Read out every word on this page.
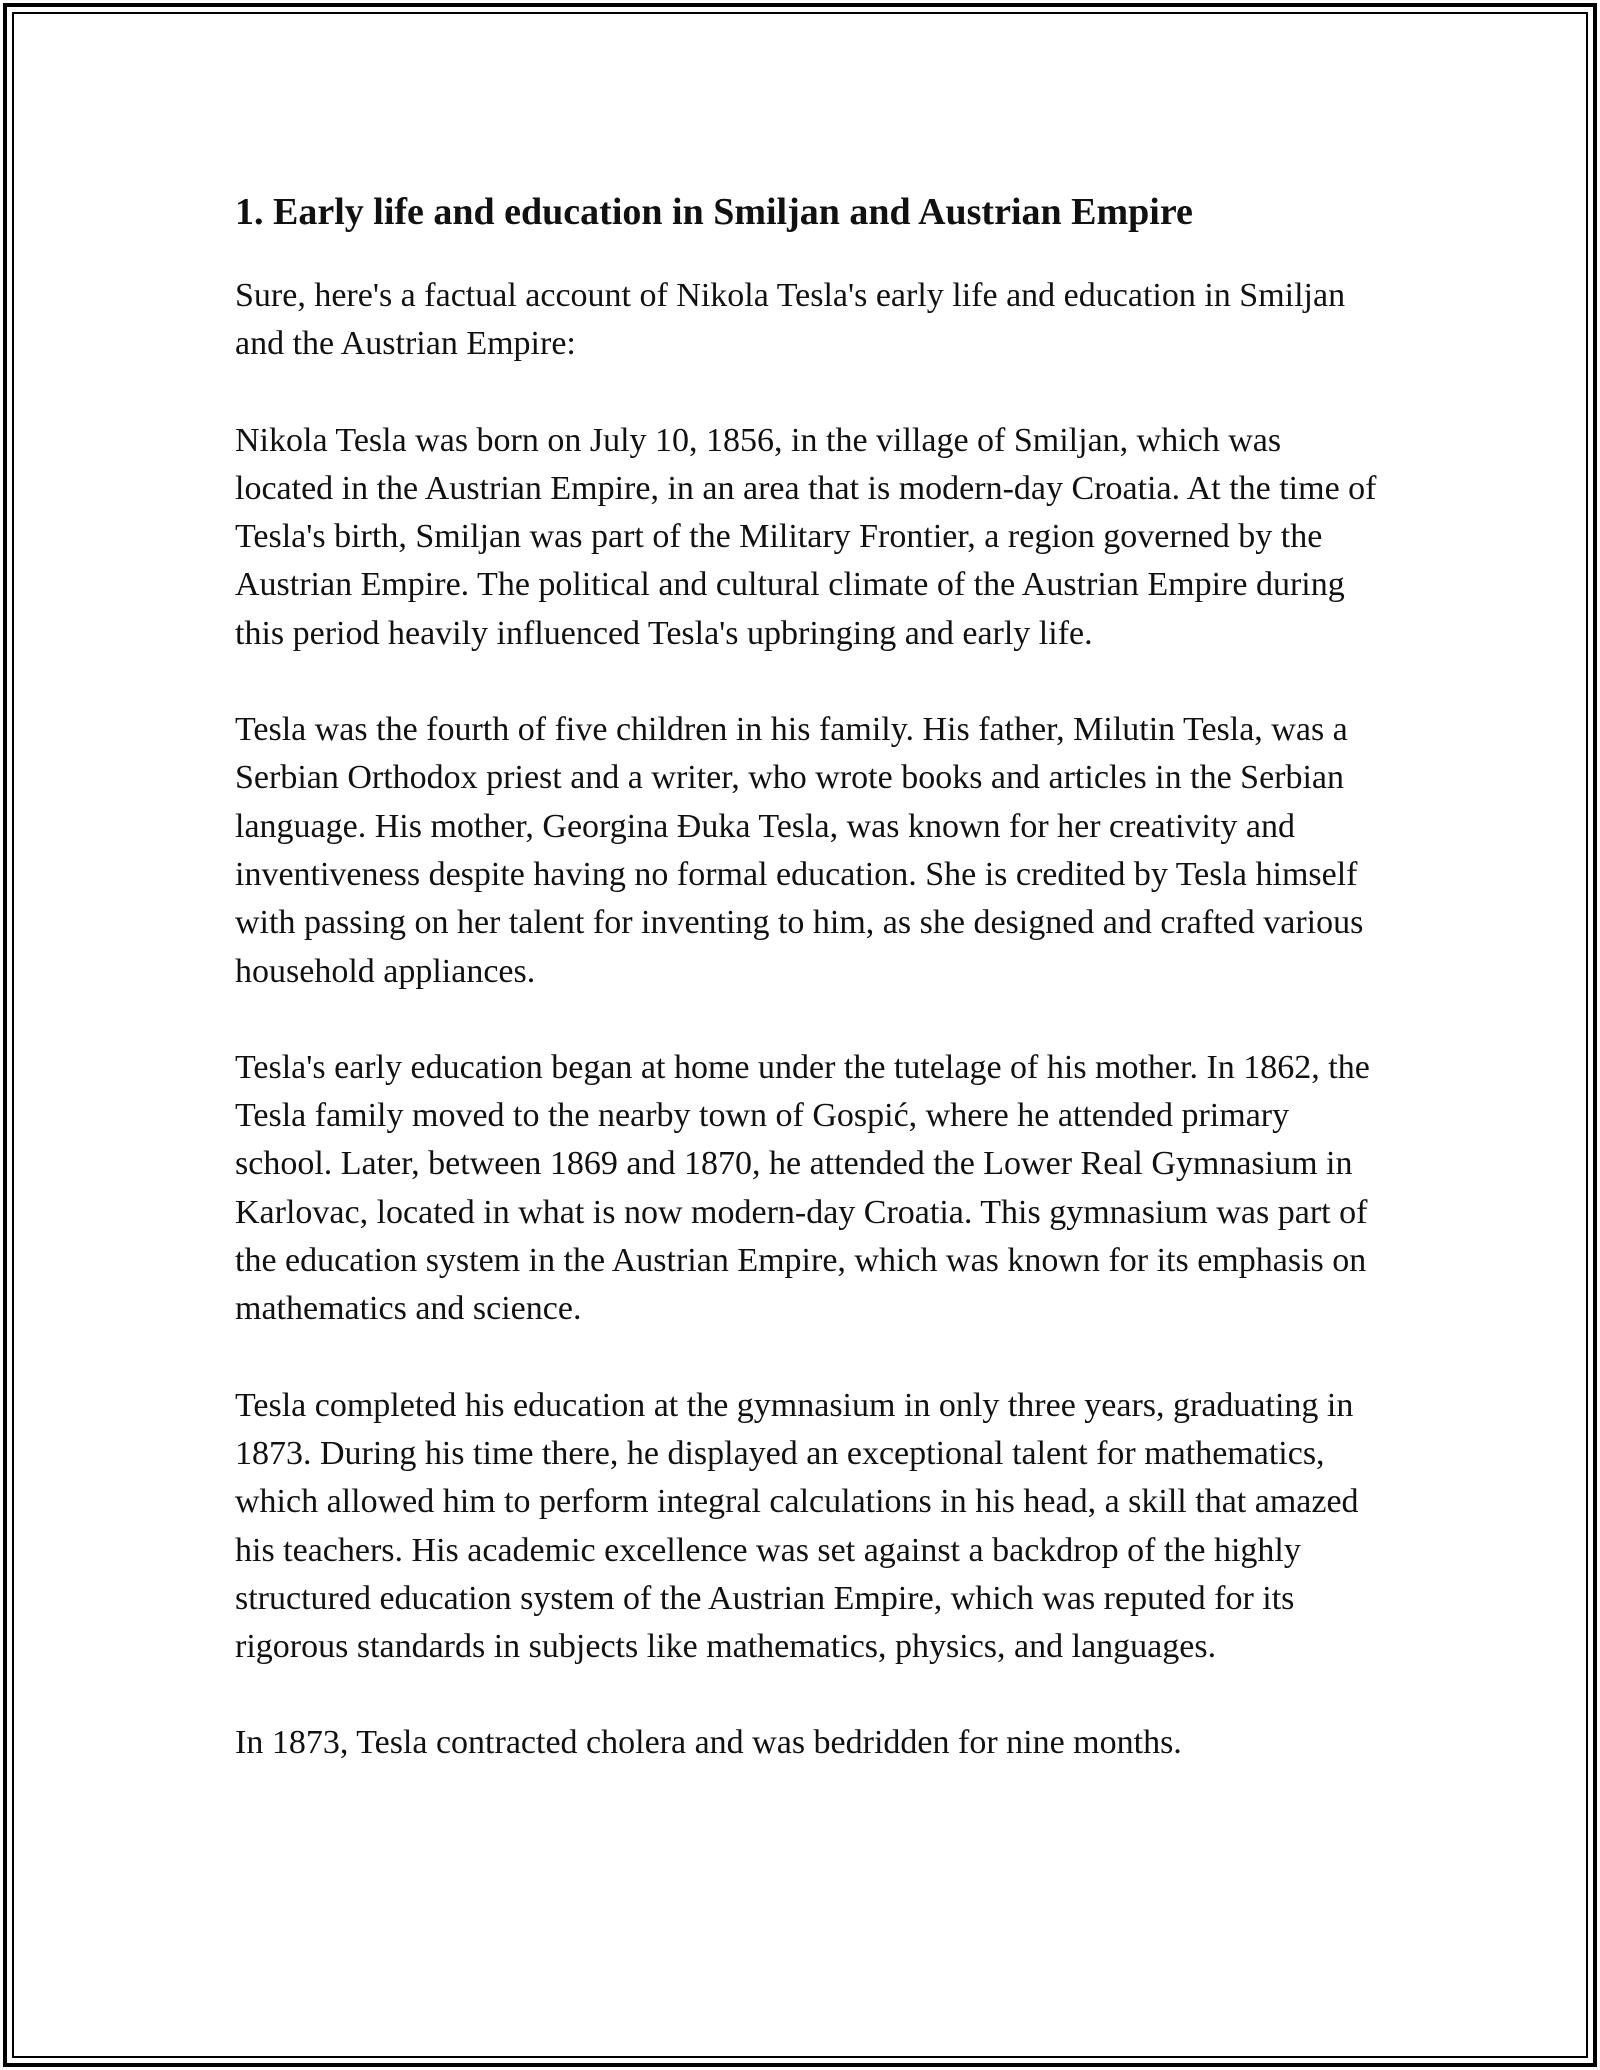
1. Early life and education in Smiljan and Austrian Empire

Sure, here's a factual account of Nikola Tesla's early life and education in Smiljan and the Austrian Empire:

Nikola Tesla was born on July 10, 1856, in the village of Smiljan, which was located in the Austrian Empire, in an area that is modern-day Croatia. At the time of Tesla's birth, Smiljan was part of the Military Frontier, a region governed by the Austrian Empire. The political and cultural climate of the Austrian Empire during this period heavily influenced Tesla's upbringing and early life.

Tesla was the fourth of five children in his family. His father, Milutin Tesla, was a Serbian Orthodox priest and a writer, who wrote books and articles in the Serbian language. His mother, Georgina Đuka Tesla, was known for her creativity and inventiveness despite having no formal education. She is credited by Tesla himself with passing on her talent for inventing to him, as she designed and crafted various household appliances.

Tesla's early education began at home under the tutelage of his mother. In 1862, the Tesla family moved to the nearby town of Gospić, where he attended primary school. Later, between 1869 and 1870, he attended the Lower Real Gymnasium in Karlovac, located in what is now modern-day Croatia. This gymnasium was part of the education system in the Austrian Empire, which was known for its emphasis on mathematics and science.

Tesla completed his education at the gymnasium in only three years, graduating in 1873. During his time there, he displayed an exceptional talent for mathematics, which allowed him to perform integral calculations in his head, a skill that amazed his teachers. His academic excellence was set against a backdrop of the highly structured education system of the Austrian Empire, which was reputed for its rigorous standards in subjects like mathematics, physics, and languages.

In 1873, Tesla contracted cholera and was bedridden for nine months.
